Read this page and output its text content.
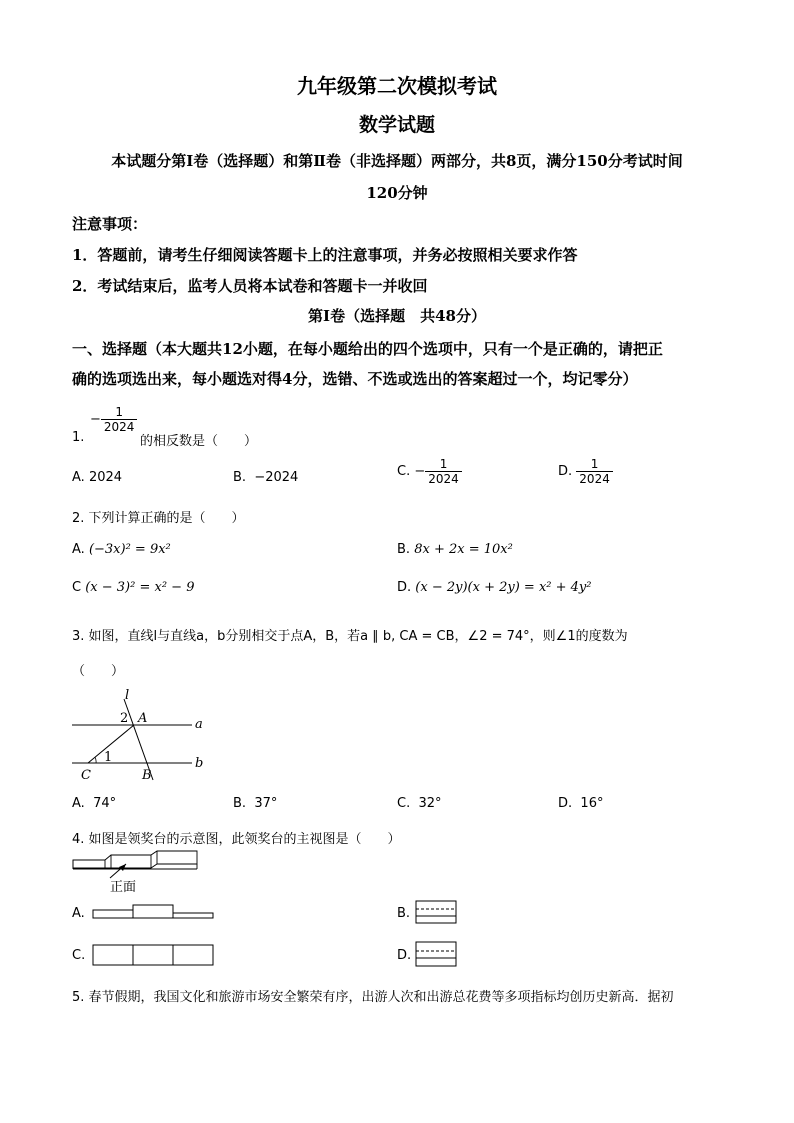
九年级第二次模拟考试
数学试题
本试题分第Ⅰ卷（选择题）和第Ⅱ卷（非选择题）两部分，共8页，满分150分考试时间
120分钟
注意事项：
1．答题前，请考生仔细阅读答题卡上的注意事项，并务必按照相关要求作答
2．考试结束后，监考人员将本试卷和答题卡一并收回
第Ⅰ卷（选择题　共48分）
一、选择题（本大题共12小题，在每小题给出的四个选项中，只有一个是正确的，请把正
确的选项选出来，每小题选对得4分，选错、不选或选出的答案超过一个，均记零分）
1.
− $\frac{1}{2024}$
的相反数是（　　）
A. 2024	B. −2024	C. − $\frac{1}{2024}$	D. $\frac{1}{2024}$
2. 下列计算正确的是（　　）
A. (−3x)² = 9x²	B. 8x + 2x = 10x²
C (x − 3)² = x² − 9	D. (x − 2y)(x + 2y) = x² + 4y²
3. 如图，直线l与直线a，b分别相交于点A，B，若a ∥ b, CA = CB，∠2 = 74°，则∠1的度数为
（　　）
l
2 A	a
1	b
C	B
A. 74°	B. 37°	C. 32°	D. 16°
4. 如图是领奖台的示意图，此领奖台的主视图是（　　）
正面
A.	B.
C.	D.
5. 春节假期，我国文化和旅游市场安全繁荣有序，出游人次和出游总花费等多项指标均创历史新高．据初
